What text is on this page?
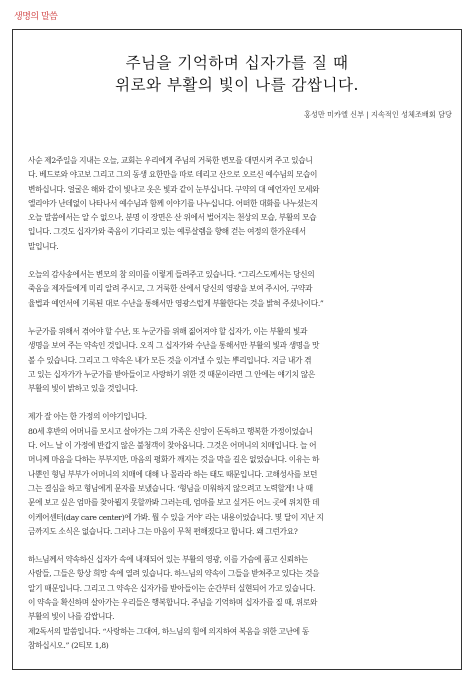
생명의 말씀
주님을 기억하며 십자가를 질 때
위로와 부활의 빛이 나를 감쌉니다.
홍성만 미카엘 신부 | 지속적인 성체조배회 담당

사순 제2주일을 지내는 오늘, 교회는 우리에게 주님의 거룩한 변모를 대면시켜 주고 있습니

다. 베드로와 야고보 그리고 그의 동생 요한만을 따로 데리고 산으로 오르신 예수님의 모습이

변하십니다. 얼굴은 해와 같이 빛나고 옷은 빛과 같이 눈부십니다. 구약의 대 예언자인 모세와

엘리야가 난데없이 나타나서 예수님과 함께 이야기를 나누십니다. 어떠한 대화를 나누셨는지

오늘 말씀에서는 알 수 없으나, 분명 이 장면은 산 위에서 벌어지는 천상의 모습, 부활의 모습

입니다. 그것도 십자가와 죽음이 기다리고 있는 예루살렘을 향해 걷는 여정의 한가운데서

말입니다.

오늘의 감사송에서는 변모의 참 의미를 이렇게 들려주고 있습니다. “그리스도께서는 당신의

죽음을 제자들에게 미리 알려 주시고, 그 거룩한 산에서 당신의 영광을 보여 주시어, 구약과

율법과 예언서에 기록된 대로 수난을 통해서만 영광스럽게 부활한다는 것을 밝혀 주셨나이다.”

누군가를 위해서 겪어야 할 수난, 또 누군가를 위해 짊어져야 할 십자가, 이는 부활의 빛과

생명을 보여 주는 약속인 것입니다. 오직 그 십자가와 수난을 통해서만 부활의 빛과 생명을 맛

볼 수 있습니다. 그리고 그 약속은 내가 모든 것을 이겨낼 수 있는 뿌리입니다. 지금 내가 겪

고 있는 십자가가 누군가를 받아들이고 사랑하기 위한 것 때문이라면 그 안에는 얘기치 않은

부활의 빛이 밝하고 있을 것입니다.

제가 잘 아는 한 가정의 이야기입니다.

80세 후반의 어머니를 모시고 살아가는 그의 가족은 신앙이 돈독하고 행복한 가정이었습니

다. 어느 날 이 가정에 반갑지 않은 불청객이 찾아옵니다. 그것은 어머니의 치매입니다. 늘 어

머니께 마음을 다하는 부부지만, 마음의 평화가 깨지는 것을 막을 길은 없었습니다. 이유는 하

나뿐인 형님 부부가 어머니의 치매에 대해 나 몰라라 하는 태도 때문입니다. 고해성사를 보던

그는 결심을 하고 형님에게 문자를 보냈습니다. ‘형님을 미워하지 않으려고 노력할게! 나 때

문에 보고 싶은 엄마를 찾아뵙지 못할까봐 그러는데, 엄마를 보고 싶거든 어느 곳에 위치한 데

이케어센터(day care center)에 가봐. 뭘 수 있을 거야’ 라는 내용이었습니다. 몇 달이 지난 지

금까지도 소식은 없습니다. 그러나 그는 마음이 무척 편해졌다고 합니다. 왜 그런가요?

하느님께서 약속하신 십자가 속에 내재되어 있는 부활의 영광, 이를 가슴에 품고 신뢰하는

사람들, 그들은 항상 희망 속에 열려 있습니다. 하느님의 약속이 그들을 받쳐주고 있다는 것을

알기 때문입니다. 그리고 그 약속은 십자가를 받아들이는 순간부터 실현되어 가고 있습니다.

이 약속을 확신하며 살아가는 우리들은 행복합니다. 주님을 기억하며 십자가를 질 때, 위로와

부활의 빛이 나를 감쌉니다.

제2독서의 말씀입니다. “사랑하는 그대여, 하느님의 힘에 의지하여 복음을 위한 고난에 동

참하십시오.” (2티모 1,8)
